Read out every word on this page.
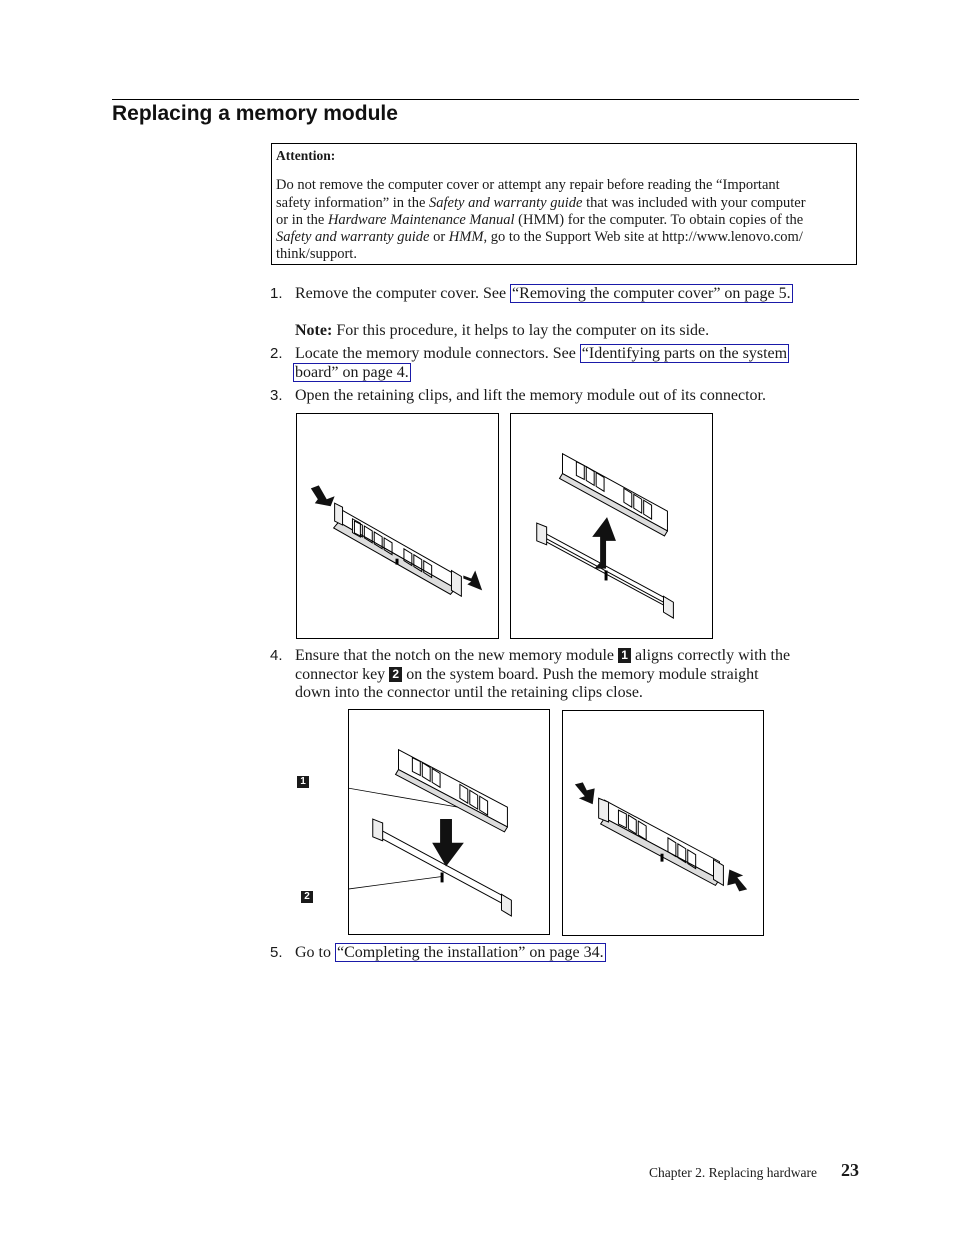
Replacing a memory module
Attention:
Do not remove the computer cover or attempt any repair before reading the “Important
safety information” in the Safety and warranty guide that was included with your computer
or in the Hardware Maintenance Manual (HMM) for the computer. To obtain copies of the
Safety and warranty guide or HMM, go to the Support Web site at http://www.lenovo.com/
think/support.
1. Remove the computer cover. See “Removing the computer cover” on page 5.
Note: For this procedure, it helps to lay the computer on its side.
2. Locate the memory module connectors. See “Identifying parts on the system
board” on page 4.
3. Open the retaining clips, and lift the memory module out of its connector.
4. Ensure that the notch on the new memory module 1 aligns correctly with the
connector key 2 on the system board. Push the memory module straight
down into the connector until the retaining clips close.
1
2
5. Go to “Completing the installation” on page 34.
Chapter 2. Replacing hardware 23
